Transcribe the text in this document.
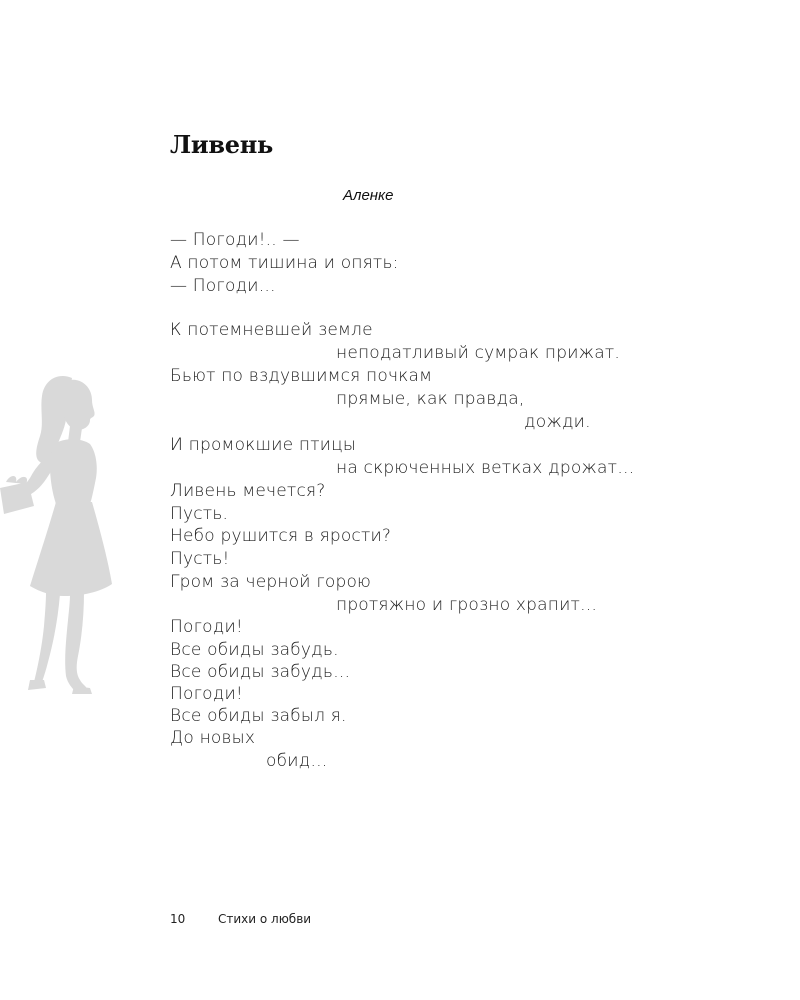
Ливень
Аленке
— Погоди!.. —
А потом тишина и опять:
— Погоди…
К потемневшей земле
неподатливый сумрак прижат.
Бьют по вздувшимся почкам
прямые, как правда,
дожди.
И промокшие птицы
на скрюченных ветках дрожат…
Ливень мечется?
Пусть.
Небо рушится в ярости?
Пусть!
Гром за черной горою
протяжно и грозно храпит…
Погоди!
Все обиды забудь.
Все обиды забудь…
Погоди!
Все обиды забыл я.
До новых
обид…
10	Стихи о любви
